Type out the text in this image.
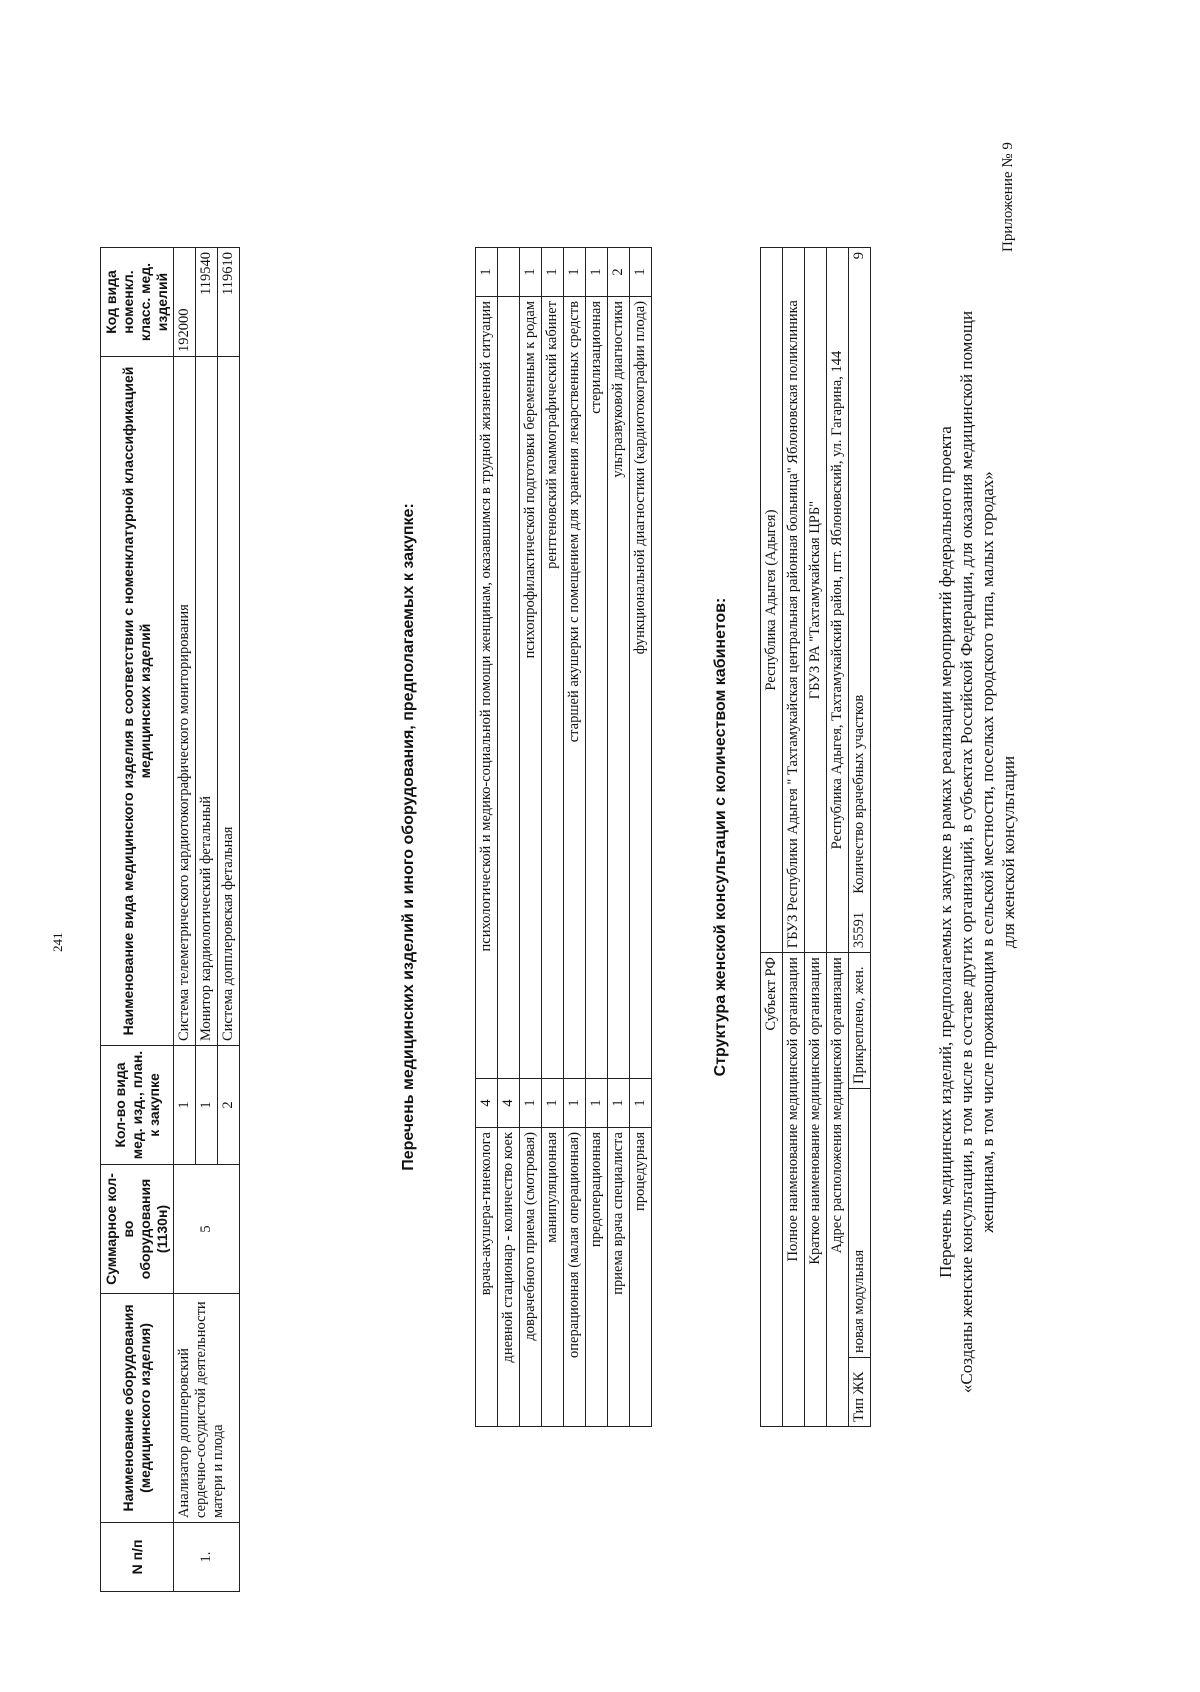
Приложение № 9
Перечень медицинских изделий, предполагаемых к закупке в рамках реализации мероприятий федерального проекта «Созданы женские консультации, в том числе в составе других организаций, в субъектах Российской Федерации, для оказания медицинской помощи женщинам, в том числе проживающим в сельской местности, поселках городского типа, малых городах» для женской консультации
Субъект РФ			Республика Адыгея (Адыгея)
Полное наименование медицинской организации			ГБУЗ Республики Адыгея " Тахтамукайская центральная районная больница" Яблоновская поликлиника
Краткое наименование медицинской организации			ГБУЗ РА "Тахтамукайская ЦРБ"
Адрес расположения медицинской организации			Республика Адыгея, Тахтамукайский район, пгт. Яблоновский, ул. Гагарина, 144
Тип ЖК	новая модульная	Прикреплено, жен.	35591     Количество врачебных участков
9
Структура женской консультации с количеством кабинетов:
врача-акушера-гинеколога	4	психологической и медико-социальной помощи женщинам, оказавшимся в трудной жизненной ситуации	1
дневной стационар - количество коек	4		
доврачебного приема (смотровая)	1	психопрофилактической подготовки беременным к родам	1
манипуляционная	1	рентгеновский маммографический кабинет	1
операционная (малая операционная)	1	старшей акушерки с помещением для хранения лекарственных средств	1
предоперационная	1	стерилизационная	1
приема врача специалиста	1	ультразвуковой диагностики	2
процедурная	1	функциональной диагностики (кардиотокографии плода)	1
Перечень медицинских изделий и иного оборудования, предполагаемых к закупке:
N п/п	Наименование оборудования (медицинского изделия)	Суммарное кол-во оборудования (1130н)	Кол-во вида мед. изд., план. к закупке	Наименование вида медицинского изделия в соответствии с номенклатурной классификацией медицинских изделий	Код вида номенкл. класс. мед. изделий
1.	Анализатор допплеровский сердечно-сосудистой деятельности матери и плода	5	1	Система телеметрического кардиотокографического мониторирования	192000
			1	Монитор кардиологический фетальный	119540
			2	Система допплеровская фетальная	119610
241
